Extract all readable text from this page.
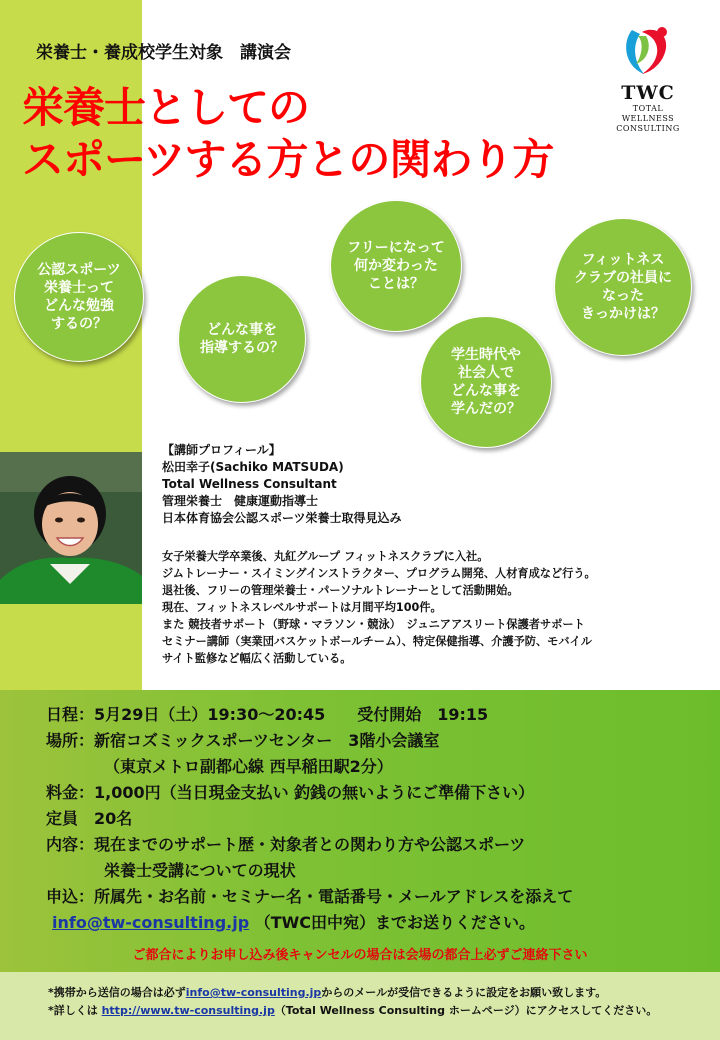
栄養士・養成校学生対象　講演会
TWC
TOTAL
WELLNESS
CONSULTING
栄養士としての
スポーツする方との関わり方
公認スポーツ
栄養士って
どんな勉強
するの？	どんな事を
指導するの？
フリーになって
何か変わった
ことは？
学生時代や
社会人で
どんな事を
学んだの？
フィットネス
クラブの社員に
なった
きっかけは？
【講師プロフィール】
松田幸子(Sachiko MATSUDA)
Total Wellness Consultant
管理栄養士　健康運動指導士
日本体育協会公認スポーツ栄養士取得見込み
女子栄養大学卒業後、丸紅グループ フィットネスクラブに入社。
ジムトレーナー・スイミングインストラクター、プログラム開発、人材育成など行う。
退社後、フリーの管理栄養士・パーソナルトレーナーとして活動開始。
現在、フィットネスレベルサポートは月間平均100件。
また 競技者サポート（野球・マラソン・競泳）　ジュニアアスリート保護者サポート
セミナー講師（実業団バスケットボールチーム）、特定保健指導、介護予防、モバイル
サイト監修など幅広く活動している。
日程：5月29日（土）19:30～20:45　　受付開始　19:15
場所：新宿コズミックスポーツセンター　3階小会議室
（東京メトロ副都心線 西早稲田駅2分）
料金：1,000円（当日現金支払い 釣銭の無いようにご準備下さい）
定員　20名
内容：現在までのサポート歴・対象者との関わり方や公認スポーツ
栄養士受講についての現状
申込：所属先・お名前・セミナー名・電話番号・メールアドレスを添えて
info@tw-consulting.jp （TWC田中宛）までお送りください。
ご都合によりお申し込み後キャンセルの場合は会場の都合上必ずご連絡下さい
*携帯から送信の場合は必ずinfo@tw-consulting.jpからのメールが受信できるように設定をお願い致します。
*詳しくは http://www.tw-consulting.jp（Total Wellness Consulting ホームページ）にアクセスしてください。
